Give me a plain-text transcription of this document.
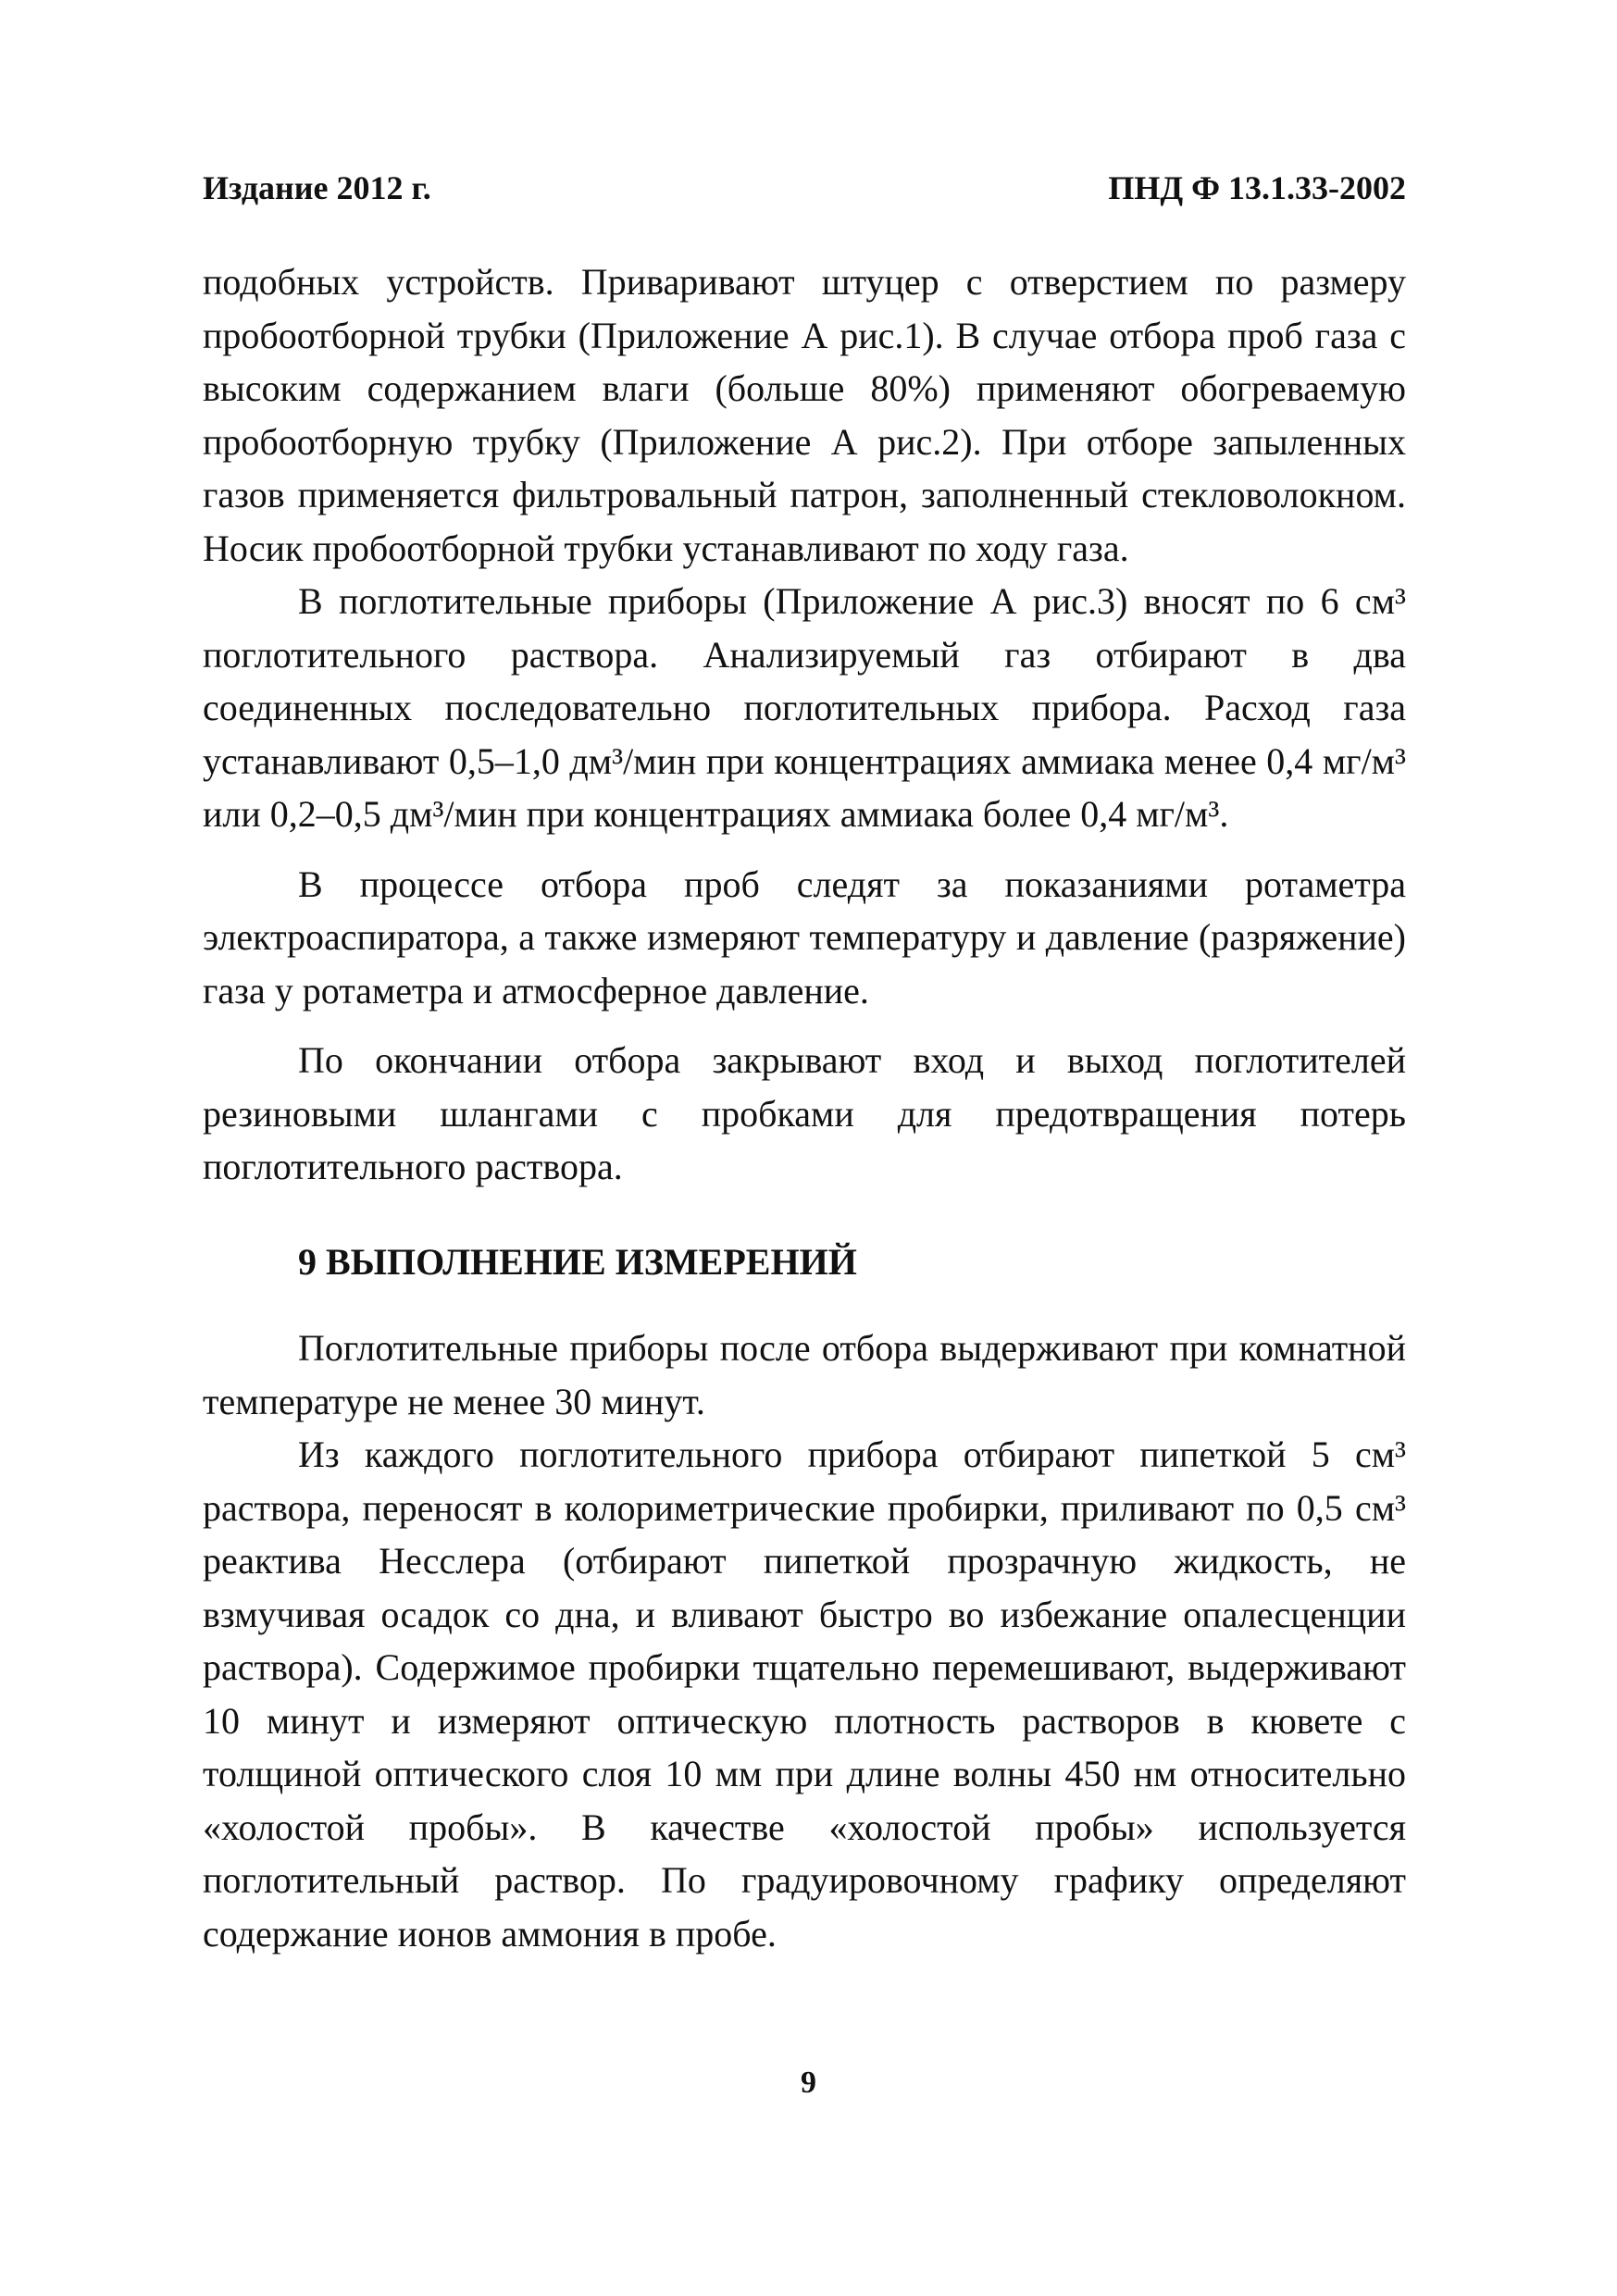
Издание 2012 г.	ПНД Ф 13.1.33-2002

подобных устройств. Приваривают штуцер с отверстием по размеру пробоотборной трубки (Приложение А рис.1). В случае отбора проб газа с высоким содержанием влаги (больше 80%) применяют обогреваемую пробоотборную трубку (Приложение А рис.2). При отборе запыленных газов применяется фильтровальный патрон, заполненный стекловолокном. Носик пробоотборной трубки устанавливают по ходу газа.

В поглотительные приборы (Приложение А рис.3) вносят по 6 см³ поглотительного раствора. Анализируемый газ отбирают в два соединенных последовательно поглотительных прибора. Расход газа устанавливают 0,5–1,0 дм³/мин при концентрациях аммиака менее 0,4 мг/м³ или 0,2–0,5 дм³/мин при концентрациях аммиака более 0,4 мг/м³.

В процессе отбора проб следят за показаниями ротаметра электроаспиратора, а также измеряют температуру и давление (разряжение) газа у ротаметра и атмосферное давление.

По окончании отбора закрывают вход и выход поглотителей резиновыми шлангами с пробками для предотвращения потерь поглотительного раствора.

9 ВЫПОЛНЕНИЕ ИЗМЕРЕНИЙ

Поглотительные приборы после отбора выдерживают при комнатной температуре не менее 30 минут.

Из каждого поглотительного прибора отбирают пипеткой 5 см³ раствора, переносят в колориметрические пробирки, приливают по 0,5 см³ реактива Несслера (отбирают пипеткой прозрачную жидкость, не взмучивая осадок со дна, и вливают быстро во избежание опалесценции раствора). Содержимое пробирки тщательно перемешивают, выдерживают 10 минут и измеряют оптическую плотность растворов в кювете с толщиной оптического слоя 10 мм при длине волны 450 нм относительно «холостой пробы». В качестве «холостой пробы» используется поглотительный раствор. По градуировочному графику определяют содержание ионов аммония в пробе.

9
